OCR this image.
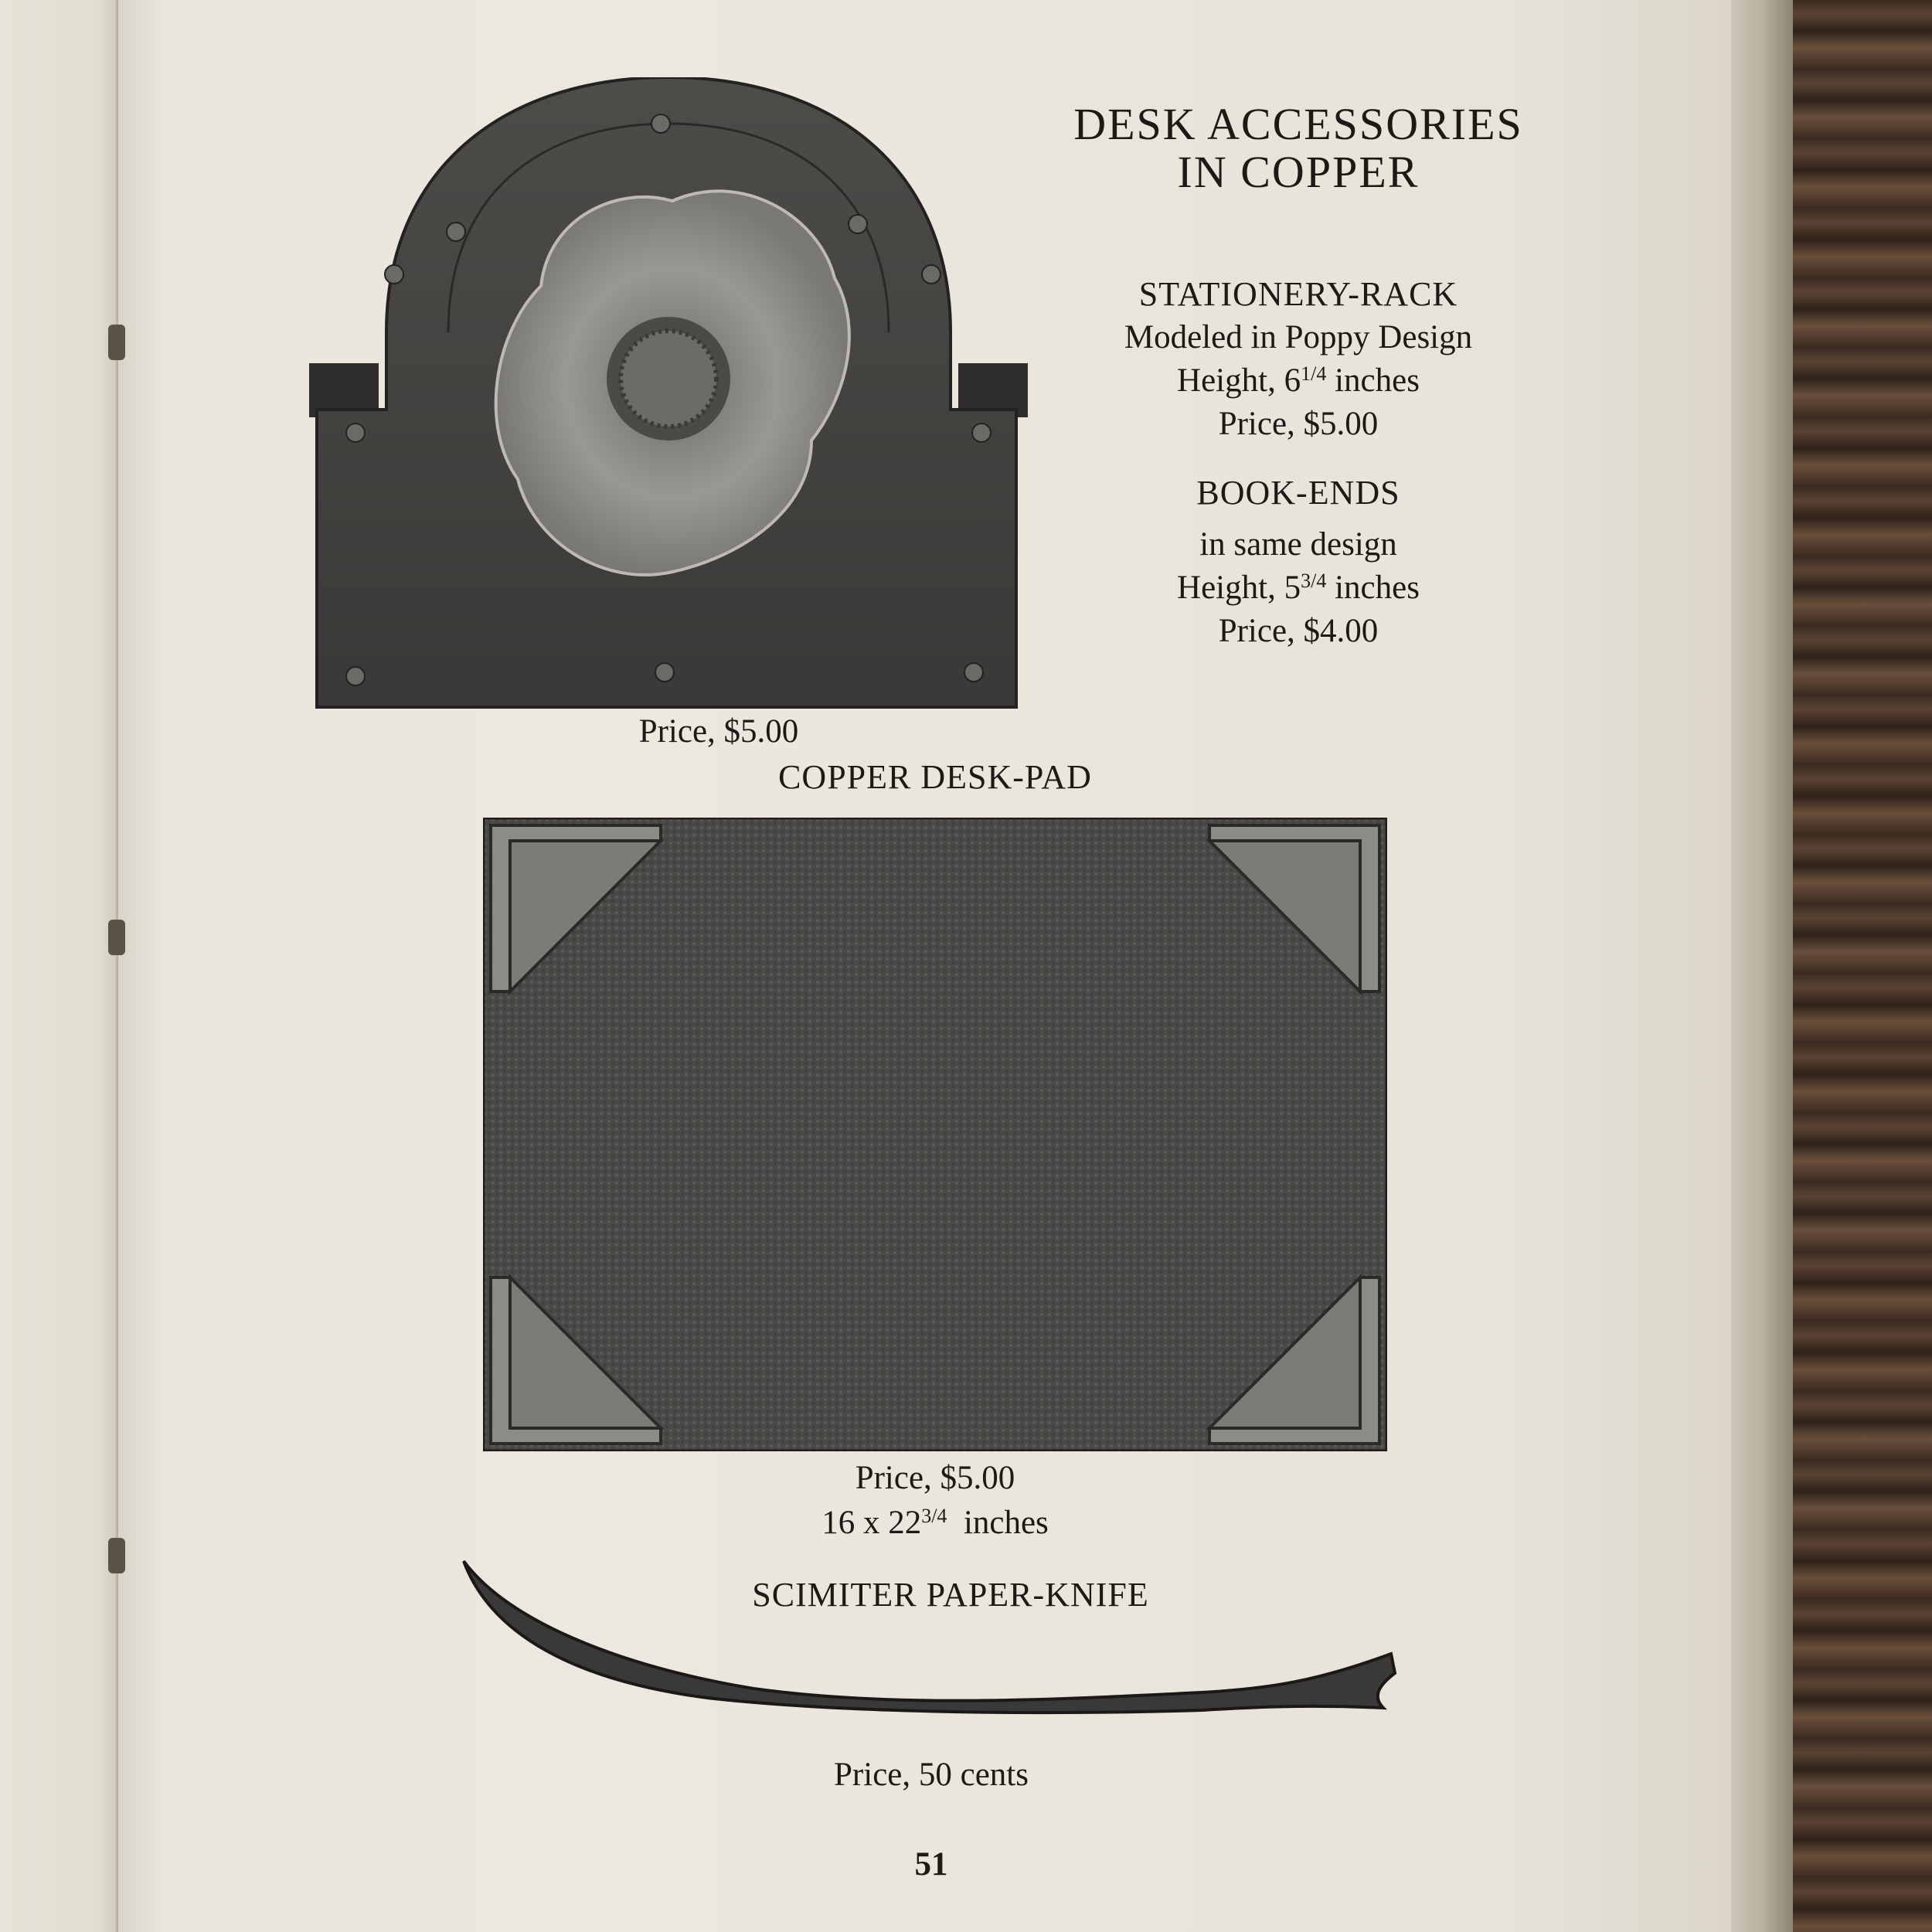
DESK ACCESSORIES
IN COPPER
STATIONERY-RACK
Modeled in Poppy Design
Height, $6^{1/4}$ inches
Price, $5.00
BOOK-ENDS
in same design
Height, $5^{3/4}$ inches
Price, $4.00
Price, $5.00
COPPER DESK-PAD
Price, $5.00
16 x $22^{3/4}$ inches
SCIMITER PAPER-KNIFE
Price, 50 cents
51
